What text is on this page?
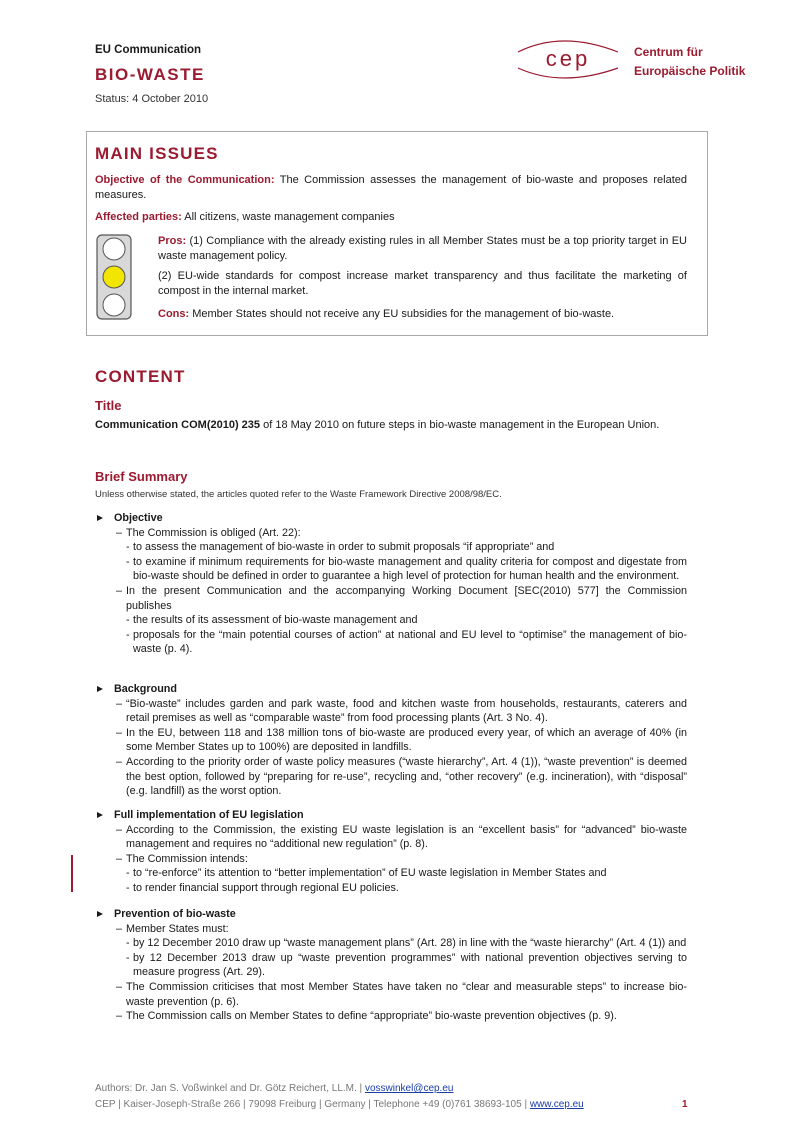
EU Communication
BIO-WASTE
Status: 4 October 2010
cep	Centrum für
Europäische Politik
MAIN ISSUES
Objective of the Communication: The Commission assesses the management of bio-waste and proposes related measures.
Affected parties: All citizens, waste management companies
Pros: (1) Compliance with the already existing rules in all Member States must be a top priority target in EU waste management policy.
(2) EU-wide standards for compost increase market transparency and thus facilitate the marketing of compost in the internal market.
Cons: Member States should not receive any EU subsidies for the management of bio-waste.
CONTENT
Title
Communication COM(2010) 235 of 18 May 2010 on future steps in bio-waste management in the European Union.
Brief Summary
Unless otherwise stated, the articles quoted refer to the Waste Framework Directive 2008/98/EC.
Objective
– The Commission is obliged (Art. 22):
- to assess the management of bio-waste in order to submit proposals “if appropriate” and
- to examine if minimum requirements for bio-waste management and quality criteria for compost and digestate from bio-waste should be defined in order to guarantee a high level of protection for human health and the environment.
– In the present Communication and the accompanying Working Document [SEC(2010) 577] the Commission publishes
- the results of its assessment of bio-waste management and
- proposals for the “main potential courses of action” at national and EU level to “optimise” the management of bio-waste (p. 4).
Background
– “Bio-waste” includes garden and park waste, food and kitchen waste from households, restaurants, caterers and retail premises as well as “comparable waste” from food processing plants (Art. 3 No. 4).
– In the EU, between 118 and 138 million tons of bio-waste are produced every year, of which an average of 40% (in some Member States up to 100%) are deposited in landfills.
– According to the priority order of waste policy measures (“waste hierarchy”, Art. 4 (1)), “waste prevention” is deemed the best option, followed by “preparing for re-use”, recycling and, “other recovery” (e.g. incineration), with “disposal” (e.g. landfill) as the worst option.
Full implementation of EU legislation
– According to the Commission, the existing EU waste legislation is an “excellent basis” for “advanced” bio-waste management and requires no “additional new regulation” (p. 8).
– The Commission intends:
- to “re-enforce” its attention to “better implementation” of EU waste legislation in Member States and
- to render financial support through regional EU policies.
Prevention of bio-waste
– Member States must:
- by 12 December 2010 draw up “waste management plans” (Art. 28) in line with the “waste hierarchy” (Art. 4 (1)) and
- by 12 December 2013 draw up “waste prevention programmes” with national prevention objectives serving to measure progress (Art. 29).
– The Commission criticises that most Member States have taken no “clear and measurable steps” to increase bio-waste prevention (p. 6).
– The Commission calls on Member States to define “appropriate” bio-waste prevention objectives (p. 9).
Authors: Dr. Jan S. Voßwinkel and Dr. Götz Reichert, LL.M. | vosswinkel@cep.eu
CEP | Kaiser-Joseph-Straße 266 | 79098 Freiburg | Germany | Telephone +49 (0)761 38693-105 | www.cep.eu	1
